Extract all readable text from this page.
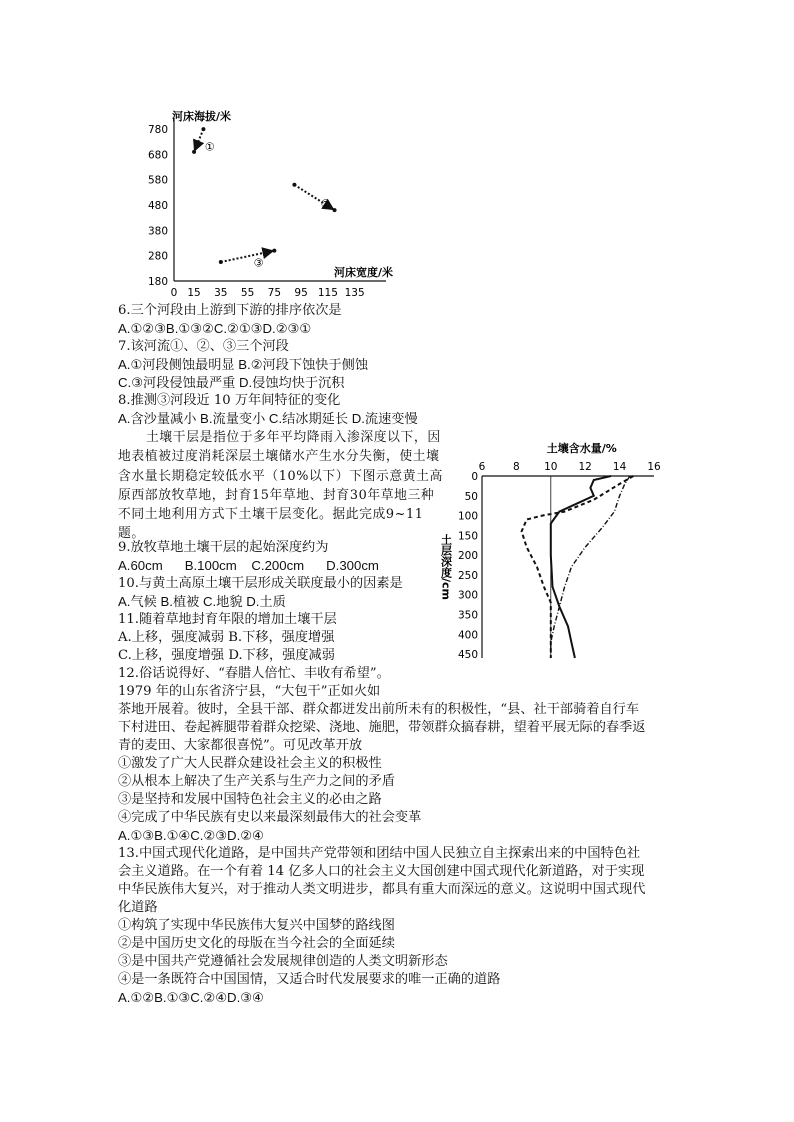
河床海拔/米
河床宽度/米
180
280
380
480
580
680
780
0 15 35 55 75 95 115 135
①
②
③
土壤含水量/%
6	8 10 12 14 16
0
50
100
150
200
250
300
350
400
450
土层深度/cm
6.三个河段由上游到下游的排序依次是
A.①②③B.①③②C.②①③D.②③①
7.该河流①、②、③三个河段
A.①河段侧蚀最明显 B.②河段下蚀快于侧蚀
C.③河段侵蚀最严重 D.侵蚀均快于沉积
8.推测③河段近 10 万年间特征的变化
A.含沙量减小 B.流量变小 C.结冰期延长 D.流速变慢
土壤干层是指位于多年平均降雨入渗深度以下，因地表植被过度消耗深层土壤储水产生水分失衡，使土壤含水量长期稳定较低水平（10%以下）下图示意黄土高原西部放牧草地，封育15年草地、封育30年草地三种不同土地利用方式下土壤干层变化。据此完成9~11题。
9.放牧草地土壤干层的起始深度约为
A.60cm      B.100cm    C.200cm      D.300cm
10.与黄土高原土壤干层形成关联度最小的因素是
A.气候 B.植被 C.地貌 D.土质
11.随着草地封育年限的增加土壤干层
A.上移，强度减弱 B.下移，强度增强
C.上移，强度增强 D.下移，强度减弱
12.俗话说得好、“春腊人倍忙、丰收有希望”。
1979 年的山东省济宁县，“大包干”正如火如
茶地开展着。彼时，全县干部、群众都迸发出前所未有的积极性，“县、社干部骑着自行车
下村进田、卷起裤腿带着群众挖梁、浇地、施肥，带领群众搞春耕，望着平展无际的春季返
青的麦田、大家都很喜悦”。可见改革开放
①激发了广大人民群众建设社会主义的积极性
②从根本上解决了生产关系与生产力之间的矛盾
③是坚持和发展中国特色社会主义的必由之路
④完成了中华民族有史以来最深刻最伟大的社会变革
A.①③B.①④C.②③D.②④
13.中国式现代化道路，是中国共产党带领和团结中国人民独立自主探索出来的中国特色社
会主义道路。在一个有着 14 亿多人口的社会主义大国创建中国式现代化新道路，对于实现
中华民族伟大复兴，对于推动人类文明进步，都具有重大而深远的意义。这说明中国式现代
化道路
①构筑了实现中华民族伟大复兴中国梦的路线图
②是中国历史文化的母版在当今社会的全面延续
③是中国共产党遵循社会发展规律创造的人类文明新形态
④是一条既符合中国国情，又适合时代发展要求的唯一正确的道路
A.①②B.①③C.②④D.③④
